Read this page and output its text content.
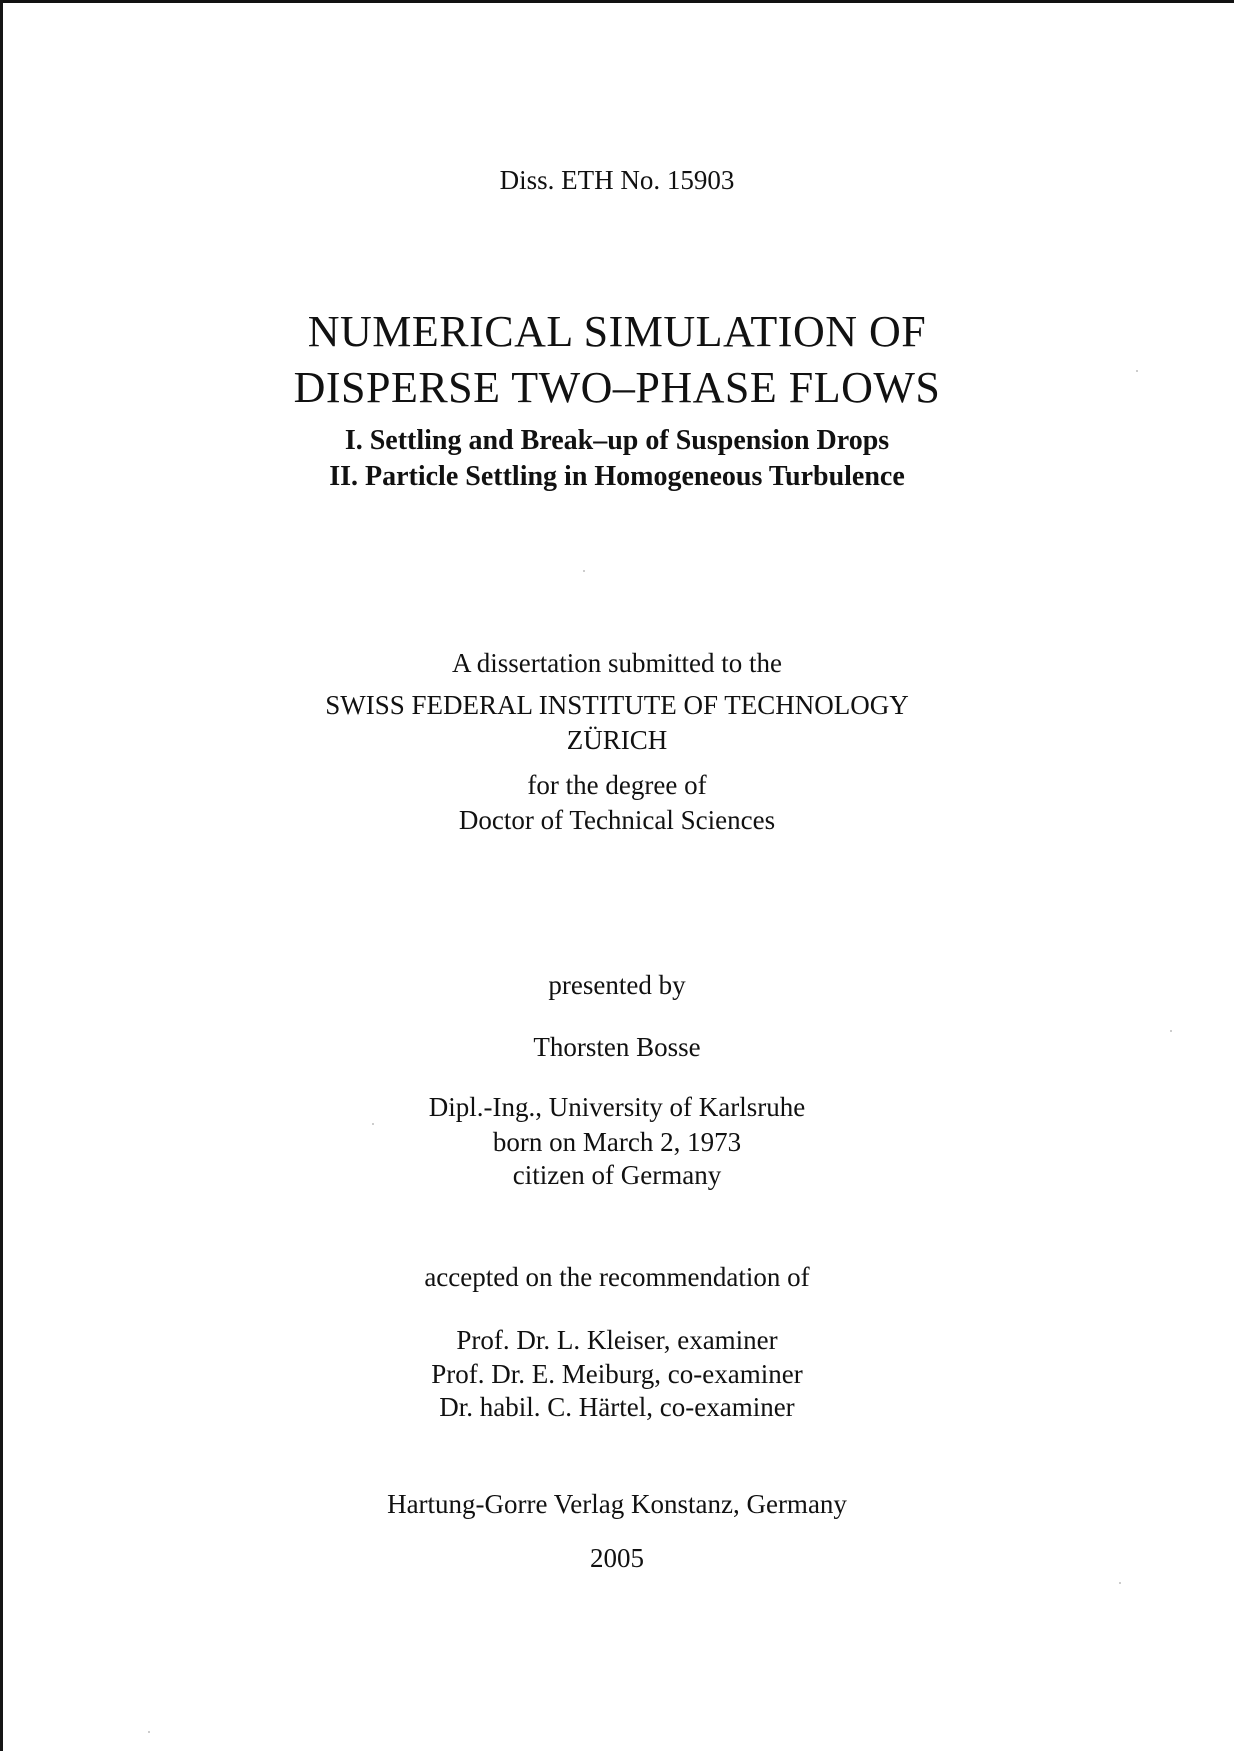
Diss. ETH No. 15903
NUMERICAL SIMULATION OF
DISPERSE TWO–PHASE FLOWS
I. Settling and Break–up of Suspension Drops
II. Particle Settling in Homogeneous Turbulence
A dissertation submitted to the
SWISS FEDERAL INSTITUTE OF TECHNOLOGY
ZÜRICH
for the degree of
Doctor of Technical Sciences
presented by
Thorsten Bosse
Dipl.-Ing., University of Karlsruhe
born on March 2, 1973
citizen of Germany
accepted on the recommendation of
Prof. Dr. L. Kleiser, examiner
Prof. Dr. E. Meiburg, co-examiner
Dr. habil. C. Härtel, co-examiner
Hartung-Gorre Verlag Konstanz, Germany
2005
